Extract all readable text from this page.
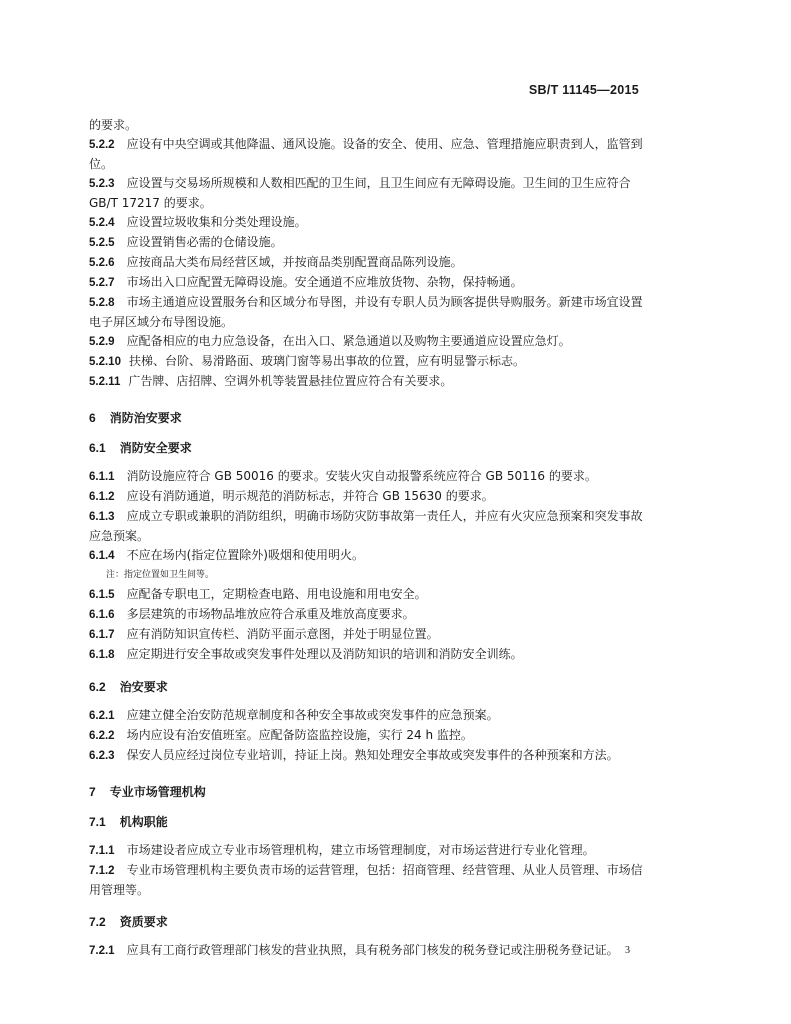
SB/T 11145—2015
的要求。
5.2.2 应设有中央空调或其他降温、通风设施。设备的安全、使用、应急、管理措施应职责到人，监管到位。
5.2.3 应设置与交易场所规模和人数相匹配的卫生间，且卫生间应有无障碍设施。卫生间的卫生应符合 GB/T 17217 的要求。
5.2.4 应设置垃圾收集和分类处理设施。
5.2.5 应设置销售必需的仓储设施。
5.2.6 应按商品大类布局经营区域，并按商品类别配置商品陈列设施。
5.2.7 市场出入口应配置无障碍设施。安全通道不应堆放货物、杂物，保持畅通。
5.2.8 市场主通道应设置服务台和区域分布导图，并设有专职人员为顾客提供导购服务。新建市场宜设置电子屏区域分布导图设施。
5.2.9 应配备相应的电力应急设备，在出入口、紧急通道以及购物主要通道应设置应急灯。
5.2.10 扶梯、台阶、易滑路面、玻璃门窗等易出事故的位置，应有明显警示标志。
5.2.11 广告牌、店招牌、空调外机等装置悬挂位置应符合有关要求。
6 消防治安要求
6.1 消防安全要求
6.1.1 消防设施应符合 GB 50016 的要求。安装火灾自动报警系统应符合 GB 50116 的要求。
6.1.2 应设有消防通道，明示规范的消防标志，并符合 GB 15630 的要求。
6.1.3 应成立专职或兼职的消防组织，明确市场防灾防事故第一责任人，并应有火灾应急预案和突发事故应急预案。
6.1.4 不应在场内(指定位置除外)吸烟和使用明火。
注：指定位置如卫生间等。
6.1.5 应配备专职电工，定期检查电路、用电设施和用电安全。
6.1.6 多层建筑的市场物品堆放应符合承重及堆放高度要求。
6.1.7 应有消防知识宣传栏、消防平面示意图，并处于明显位置。
6.1.8 应定期进行安全事故或突发事件处理以及消防知识的培训和消防安全训练。
6.2 治安要求
6.2.1 应建立健全治安防范规章制度和各种安全事故或突发事件的应急预案。
6.2.2 场内应设有治安值班室。应配备防盗监控设施，实行 24 h 监控。
6.2.3 保安人员应经过岗位专业培训，持证上岗。熟知处理安全事故或突发事件的各种预案和方法。
7 专业市场管理机构
7.1 机构职能
7.1.1 市场建设者应成立专业市场管理机构，建立市场管理制度，对市场运营进行专业化管理。
7.1.2 专业市场管理机构主要负责市场的运营管理，包括：招商管理、经营管理、从业人员管理、市场信用管理等。
7.2 资质要求
7.2.1 应具有工商行政管理部门核发的营业执照，具有税务部门核发的税务登记或注册税务登记证。 3
